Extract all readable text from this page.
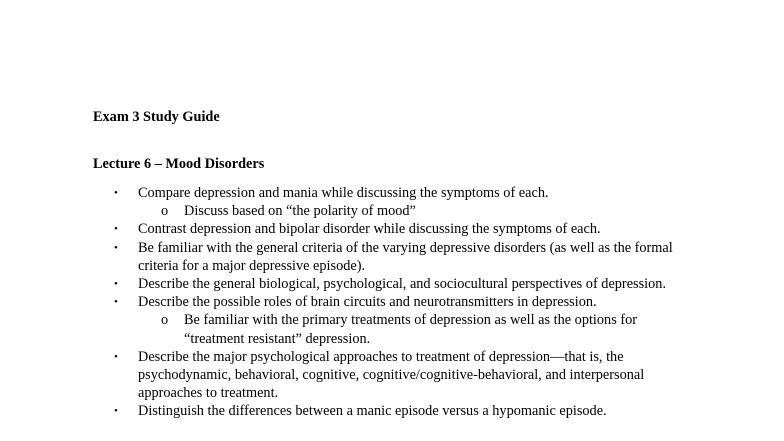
Exam 3 Study Guide

Lecture 6 – Mood Disorders

• Compare depression and mania while discussing the symptoms of each.
o Discuss based on “the polarity of mood”
• Contrast depression and bipolar disorder while discussing the symptoms of each.
• Be familiar with the general criteria of the varying depressive disorders (as well as the formal criteria for a major depressive episode).
• Describe the general biological, psychological, and sociocultural perspectives of depression.
• Describe the possible roles of brain circuits and neurotransmitters in depression.
o Be familiar with the primary treatments of depression as well as the options for “treatment resistant” depression.
• Describe the major psychological approaches to treatment of depression—that is, the psychodynamic, behavioral, cognitive, cognitive/cognitive-behavioral, and interpersonal approaches to treatment.
• Distinguish the differences between a manic episode versus a hypomanic episode.
